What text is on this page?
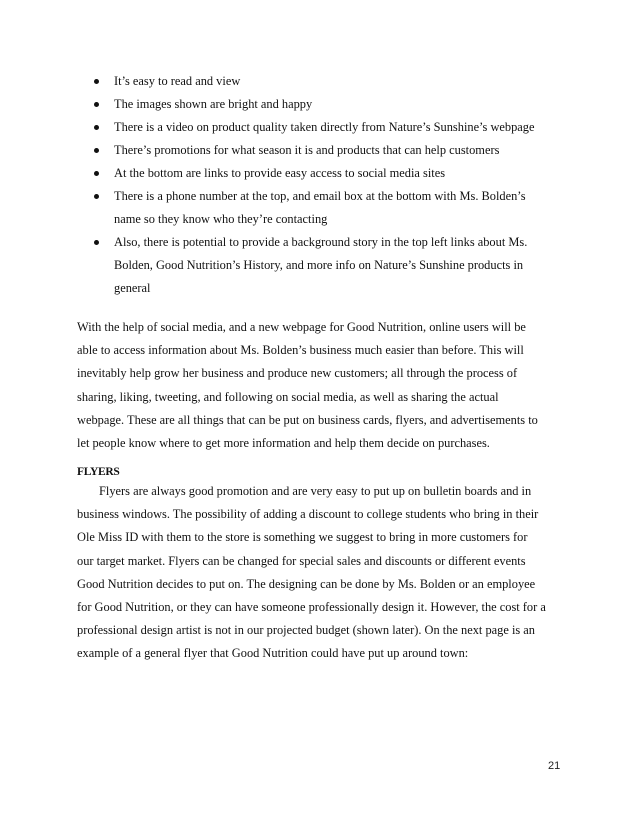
It’s easy to read and view
The images shown are bright and happy
There is a video on product quality taken directly from Nature’s Sunshine’s webpage
There’s promotions for what season it is and products that can help customers
At the bottom are links to provide easy access to social media sites
There is a phone number at the top, and email box at the bottom with Ms. Bolden’s name so they know who they’re contacting
Also, there is potential to provide a background story in the top left links about Ms. Bolden, Good Nutrition’s History, and more info on Nature’s Sunshine products in general

With the help of social media, and a new webpage for Good Nutrition, online users will be able to access information about Ms. Bolden’s business much easier than before. This will inevitably help grow her business and produce new customers; all through the process of sharing, liking, tweeting, and following on social media, as well as sharing the actual webpage. These are all things that can be put on business cards, flyers, and advertisements to let people know where to get more information and help them decide on purchases.

FLYERS

Flyers are always good promotion and are very easy to put up on bulletin boards and in business windows. The possibility of adding a discount to college students who bring in their Ole Miss ID with them to the store is something we suggest to bring in more customers for our target market. Flyers can be changed for special sales and discounts or different events Good Nutrition decides to put on. The designing can be done by Ms. Bolden or an employee for Good Nutrition, or they can have someone professionally design it. However, the cost for a professional design artist is not in our projected budget (shown later). On the next page is an example of a general flyer that Good Nutrition could have put up around town:

21
